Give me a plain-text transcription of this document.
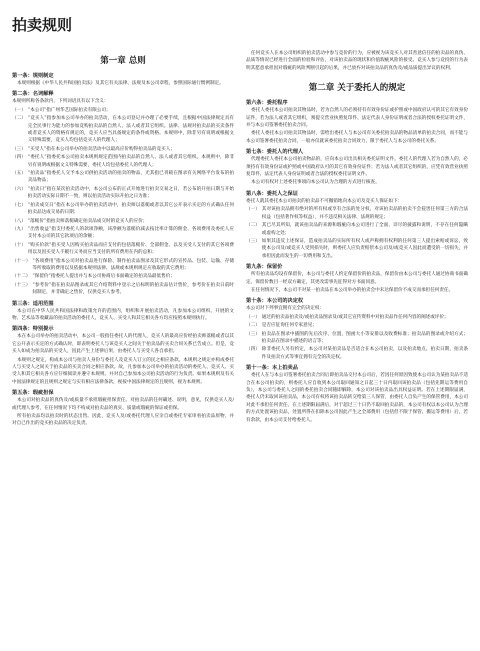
拍卖规则
第一章 总则
第一条：规则制定

本规则根据《中华人民共和国拍卖法》及其它有关法律、法规及本公司章程，参照国际通行惯例制定。

第二条：名词解释

本规则所称各条款内，下列词语具有以下含义：

（一） “本公司”指广州华艺国际拍卖有限公司；
（二） “竞买人”指参加本公司举办的拍卖活动，在本公司登记并办理了必要手续，且根据中国法律规定具有完全民事行为能力的参加竞购拍卖品的自然人、法人或者其它组织。法律、法规对拍卖品的买卖条件或者竞买人的资格有规定的，竞买人应当具备规定的条件或资格。本规则中，除非另有说明或根据文义特殊需要，竞买人均包括竞买人的代理人；
（三） “买受人”指在本公司举办的拍卖活动中以最高应价购得拍卖品的竞买人；
（四） “委托人”指委托本公司拍卖本规则规定范围内拍卖品的自然人、法人或者其它组织。本规则中，除非另有说明或根据文义特殊需要，委托人均包括委托人的代理人；
（五） “拍卖品”指委托人交予本公司供拍卖活动的拍卖的物品，尤其指已刊载在图录有关网络平台发布的拍卖品物品；
（六） “拍卖日”指在某次拍卖活动中，本公司公布的正式开始进行拍卖交易之日，若公布的开拍日期与开始拍卖活动实际日期不一致，则以拍卖活动实际开拍之日为准；
（七） “拍卖成交日”指在本公司举办的拍卖活动中，拍卖师以落槌或者以其它公开表示买定的方式确认任何拍卖品达成交易的日期；
（八） “落槌价”指拍卖师落槌确定拍卖品成交时的竞买人的应价；
（九） “出售收益”指支付委托人的款项净额，该净额为落槌价减去按比率计算的佣金、各项费用及委托人应支付本公司的其它款项后的余额；
（十） “购买价款”指买受人因购买拍卖品而应支付的包括落槌价、全部佣金、以及买受人支付的其它各项费用以及因买受人不履行义务而应当支付的所有费用在内的总和；
（十一） “各项费用”指本公司对拍卖品进行保险、制作拍卖品图录及其它形式的宣传品、包装、运输、存储等所收取的费用以及依据本规则法律、法规或本规则规定应收取的其它费用；
（十二） “保留价”指委托人提出并与本公司协商后书面确定的拍卖品最低售价；
（十三） “参考价”指在拍卖品图录或其它介绍资料中登示之后标明的拍卖品估计售价，参考价在拍卖日前时间制定，并非确定之售价，仅供竞买人参考。
第三条：适用范围

本公司在中华人民共和国法律和政策允许的范围内，组织和开展拍卖活动，凡参加本公司组织、开展的文物、艺术品等收藏品的拍卖活动的委托人、竞买人、买受人和其它相关各方均应按照本规则执行。

第四条：特别提示

本在本公司举办的拍卖活动中，本公司一般指任委托人的代理人，竞买人的最高应价经拍卖师落槌或者以其它公开表示买定的方式确认时，即表明委托人与该竞买人之间关于拍卖品的买卖合同关系已告成立。但是，竞买人如成为拍卖品的买受人，因此产生上述律后果，由委托人与买受人各自承担。

本规则之规定，构成本公司与拍卖人身份与委托人及竞买人订立的民之相应条款。本规则之规定亦构成委托人与买受人之间关于拍卖品的买卖合同之相应条款。故，凡参加本公司举办的拍卖活动的委托人、竞买人、买受人和其它相关各方应仔细阅读并遵守本规则。并对自己参加本公司拍卖活动的行为负责。如果本规则及有关中国法律规定的且规则之规定与实有相应法律条款，视按中国法律规定的且规则，视为本规则。

第五条：瑕疵担保

本公司对拍卖品的真伪及/或质量不承担瑕疵担保责任。对拍卖品的任何确述、说明，意见，仅供竞买人及/或代理人参考，在任何情况下均不构成对拍卖品的真实、质量或瑕疵的保证或担保。

所有拍卖品均以拍卖时的状态出售。因此，竞买人及/或委托代理人应亲自或委托专家审看拍卖品原物，并对自己作出的竞买拍卖品的决定负责。

任何竞买人在本公司组织的拍卖活动中参与竞价的行为，应被视为该竞买人对其善意信任的拍卖品的真伪、品质等情况已经进行全面的检验和评估，对该拍卖品的现状和价值瑕疵风险的接受。竞买人参与竞投的行为表明其愿意承担因对瑕疵的风险判断引起的后果，并已放弃对该拍卖品的真伪及/或品质提出异议的权利。

第二章 关于委托人的规定
第六条：委托程序

委托人委托本公司拍卖其物品时，若为自然人的必须持有有效身份证或护照或中国政府认可的其它有效身份证件，若为法人或者其它组织，须提交营业执照复印件、法定代表人身份证明或者合法的授权委托证明文件，并与本公司签署委托拍卖合同。

委托人委托本公司拍卖其物品时，需给出委托人与本公司有关委托拍卖品的物品清单的拍卖合同，而不能与本公司签署委托拍卖合同，一般亦仅就该委托拍卖合同效力，限于委托人与本公司的委托关系。

第七条：委托人的代理人

代理委托人委托本公司拍卖物品的，应向本公司出具相关委托证明文件。委托人的代理人若为自然人的，必须持有有效身份证或护照或中国政府认可的其它有效身份证件；若为法人或者其它组织的，应凭有效营业执照复印件、法定代表人身份证明或者合法的授权委托证明文件。

本公司有权对上述委托事项向本公司认为合理的方式进行核查。

第八条：委托人之保证

委托人就其委托本公司拍卖的拍卖品不可撤销地向本公司及竞买人保证如下：

（一） 其对该拍卖品拥有绝对的所有权或享有合法的处分权，对该拍卖品的拍卖不会侵害任何第三方的合法权益（包括著作权等权益），并不违反相关法律、法规的规定；
（二） 其已尽其所知，就该拍卖品的来源和瑕疵向本公司进行了全面、详尽的披露和说明，不存在任何隐瞒或虚构之处；
（三） 如果其违反上述保证，造成拍卖品的实际所有权人或声称拥有权利的任何第三人提出索赔或诉讼，致使本公司及/或竞买人受到损失时，则委托人应负责赔偿本公司及/或竞买人因此而遭受的一切损失，并承担因此而发生的一切费用和支出。
第九条：保留价

所有拍卖品均设有保留价，本公司与委托人约定保留价的拍卖品，保留价由本公司与委托人通过协商书面确定。保留价数目一经双方确定，其更改需事先征得对方书面同意。

在任何情况下，本公司不对某一拍卖品在本公司举办的拍卖会中未达保留价不成交而承担任何责任。

第十条：本公司的决定权

本公司对下列事宜拥有完全的决定权：

（一） 通过的拍卖品拍卖及/或拍卖品图录及/或其它宣传资料中对拍卖品作任何内容的阐述或评价；
（二） 是否应征询任何专家意见；
（三） 拍卖品在图录中插图的先后次序、位置，图函大小等安排以及收费标准；拍卖品的图录或介绍方式；拍卖品在图录中描述的语言等；
（四） 除非委托人另有约定，本公司对某拍卖品是否适合在本公司拍卖，以及拍卖地点、拍卖日期，拍卖条件及拍卖方式等事宜拥有完全的决定权。
第十一条：本上拍卖品

委托人在与本公司签署委托拍卖合同后即拍卖品交付本公司后，若因任何原因致使本公司认为某拍卖品不适合在本公司拍卖的，则委托人应自收到本公司取回通知之日起三十日内取回该拍卖品（包括先期运等费用自负），本公司与委托人之间的委托拍卖合同随即解除，本公司对该拍卖品出具权益证明。若在上述期限届满，委托人仍未取回该拍卖品，本公司有权将该拍卖品转交给第三人保管，由委托人自负产生的保管费用，本公司对此不承担任何责任。在上述期限届满后，对于超过三十日仍不取回拍卖品的，本公司有权以本公司认为合理的方式处置该拍卖品，处置所得在扣除本公司因此产生之全部费用（包括但不限于保管、搬运等费用）后，若有余款，由本公司支付给委托人。
